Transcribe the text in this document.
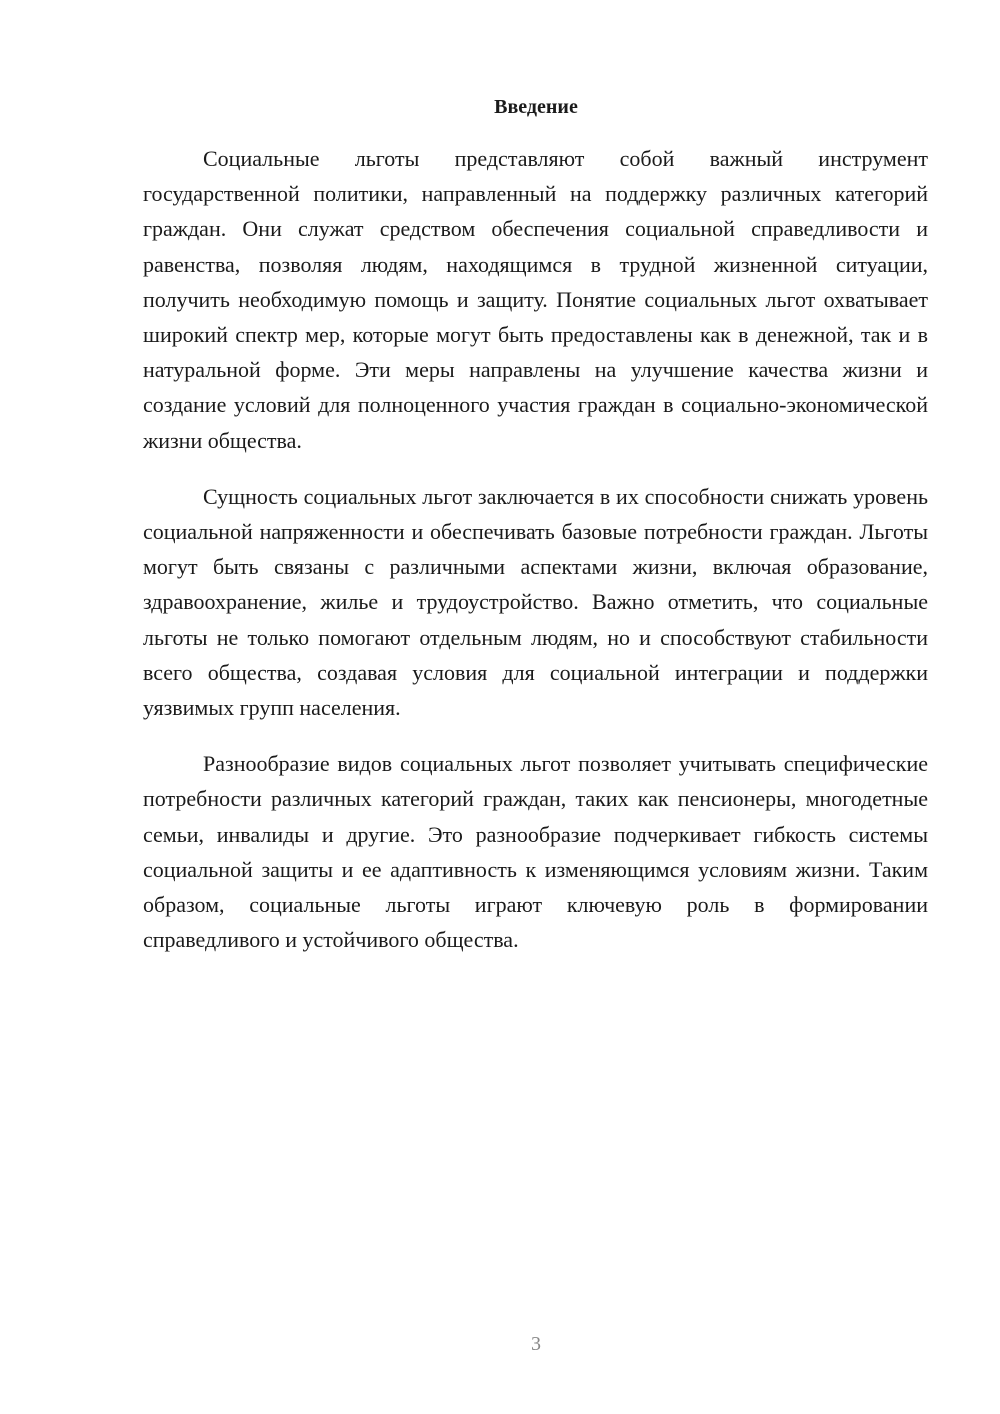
Введение

Социальные льготы представляют собой важный инструмент государственной политики, направленный на поддержку различных категорий граждан. Они служат средством обеспечения социальной справедливости и равенства, позволяя людям, находящимся в трудной жизненной ситуации, получить необходимую помощь и защиту. Понятие социальных льгот охватывает широкий спектр мер, которые могут быть предоставлены как в денежной, так и в натуральной форме. Эти меры направлены на улучшение качества жизни и создание условий для полноценного участия граждан в социально-экономической жизни общества.

Сущность социальных льгот заключается в их способности снижать уровень социальной напряженности и обеспечивать базовые потребности граждан. Льготы могут быть связаны с различными аспектами жизни, включая образование, здравоохранение, жилье и трудоустройство. Важно отметить, что социальные льготы не только помогают отдельным людям, но и способствуют стабильности всего общества, создавая условия для социальной интеграции и поддержки уязвимых групп населения.

Разнообразие видов социальных льгот позволяет учитывать специфические потребности различных категорий граждан, таких как пенсионеры, многодетные семьи, инвалиды и другие. Это разнообразие подчеркивает гибкость системы социальной защиты и ее адаптивность к изменяющимся условиям жизни. Таким образом, социальные льготы играют ключевую роль в формировании справедливого и устойчивого общества.

3
